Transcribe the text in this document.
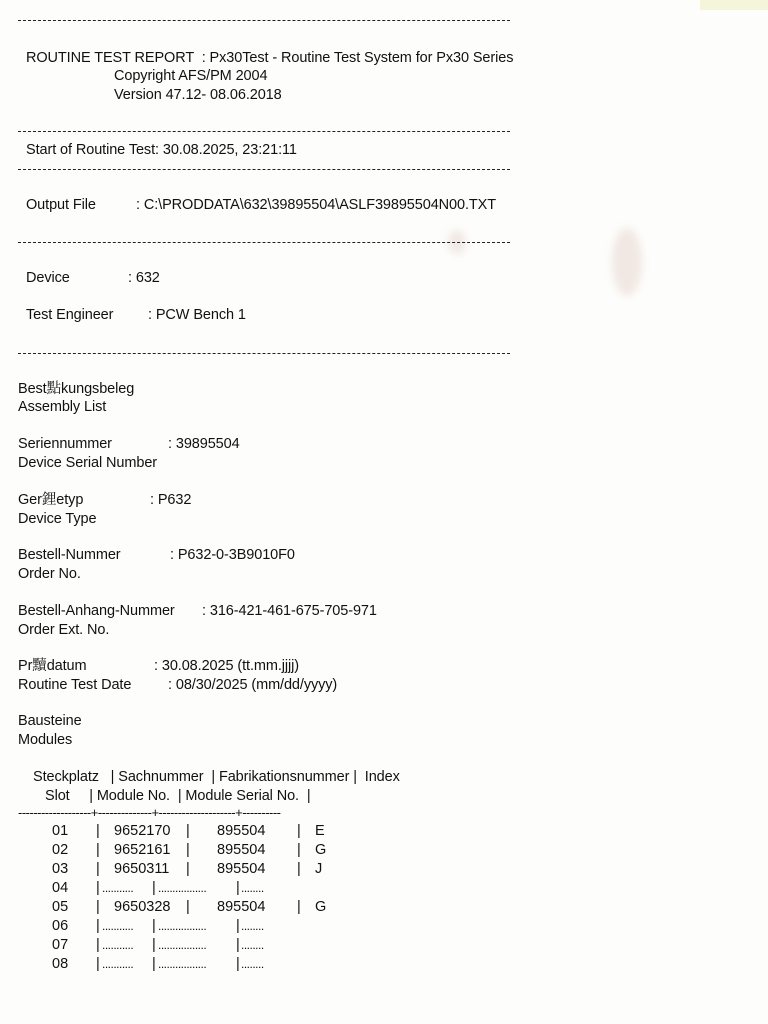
ROUTINE TEST REPORT  : Px30Test - Routine Test System for Px30 Series
Copyright AFS/PM 2004
Version 47.12- 08.06.2018
Start of Routine Test: 30.08.2025, 23:21:11
Output File	: C:\PRODDATA\632\39895504\ASLF39895504N00.TXT
Device	: 632
Test Engineer : PCW Bench 1
Best點kungsbeleg
Assembly List
Seriennummer	: 39895504
Device Serial Number
Ger鋰etyp	: P632
Device Type
Bestell-Nummer	: P632-0-3B9010F0
Order No.
Bestell-Anhang-Nummer : 316-421-461-675-705-971
Order Ext. No.
Pr黷datum	: 30.08.2025 (tt.mm.jjjj)
Routine Test Date	: 08/30/2025 (mm/dd/yyyy)
Bausteine
Modules
Steckplatz   | Sachnummer  | Fabrikationsnummer |  Index
Slot     | Module No.  | Module Serial No.  |
-------------------+--------------+--------------------+----------
01 | 9652170 | 895504 | E
02 | 9652161 | 895504 | G
03 | 9650311 | 895504 | J
04 | ........... | ................. | ........
05 | 9650328 | 895504 | G
06 | ........... | ................. | ........
07 | ........... | ................. | ........
08 | ........... | ................. | ........
